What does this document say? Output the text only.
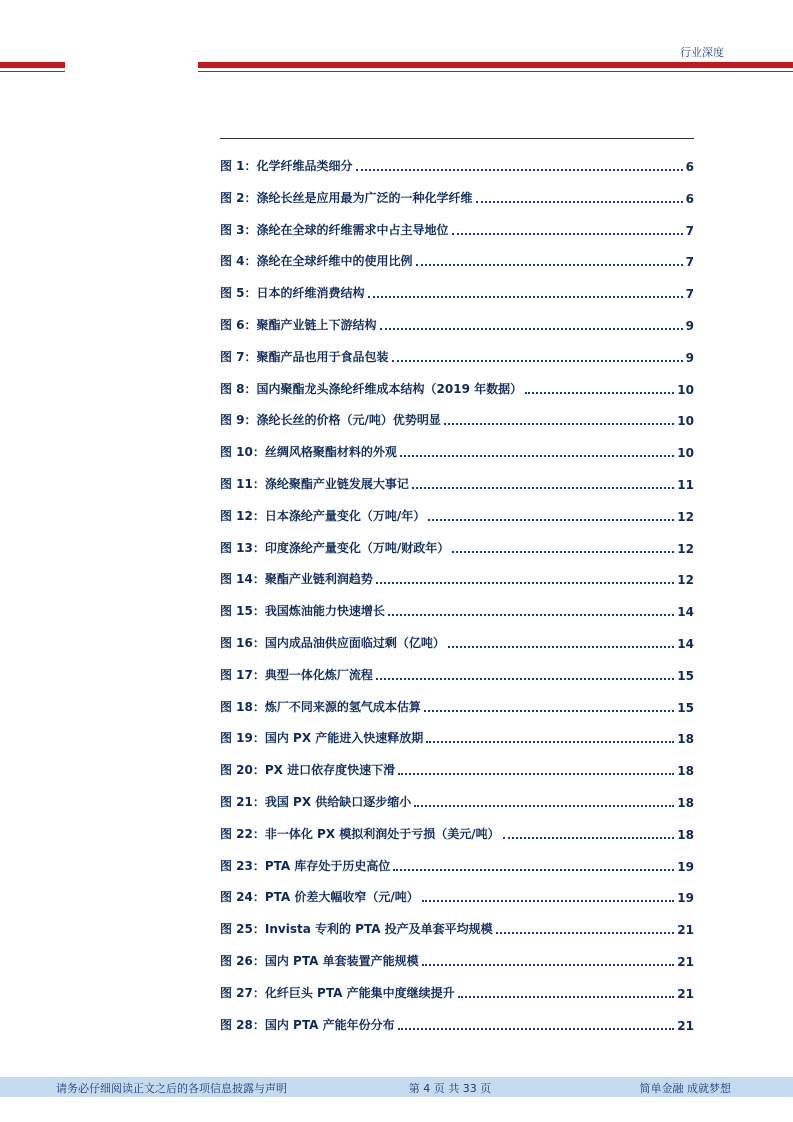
行业深度
图 1：化学纤维品类细分	6
图 2：涤纶长丝是应用最为广泛的一种化学纤维	6
图 3：涤纶在全球的纤维需求中占主导地位	7
图 4：涤纶在全球纤维中的使用比例	7
图 5：日本的纤维消费结构	7
图 6：聚酯产业链上下游结构	9
图 7：聚酯产品也用于食品包装	9
图 8：国内聚酯龙头涤纶纤维成本结构（2019 年数据）	10
图 9：涤纶长丝的价格（元/吨）优势明显	10
图 10：丝绸风格聚酯材料的外观	10
图 11：涤纶聚酯产业链发展大事记	11
图 12：日本涤纶产量变化（万吨/年）	12
图 13：印度涤纶产量变化（万吨/财政年）	12
图 14：聚酯产业链利润趋势	12
图 15：我国炼油能力快速增长	14
图 16：国内成品油供应面临过剩（亿吨）	14
图 17：典型一体化炼厂流程	15
图 18：炼厂不同来源的氢气成本估算	15
图 19：国内 PX 产能进入快速释放期	18
图 20：PX 进口依存度快速下滑	18
图 21：我国 PX 供给缺口逐步缩小	18
图 22：非一体化 PX 模拟利润处于亏损（美元/吨）	18
图 23：PTA 库存处于历史高位	19
图 24：PTA 价差大幅收窄（元/吨）	19
图 25：Invista 专利的 PTA 投产及单套平均规模	21
图 26：国内 PTA 单套装置产能规模	21
图 27：化纤巨头 PTA 产能集中度继续提升	21
图 28：国内 PTA 产能年份分布	21
请务必仔细阅读正文之后的各项信息披露与声明	第 4 页 共 33 页	简单金融 成就梦想
